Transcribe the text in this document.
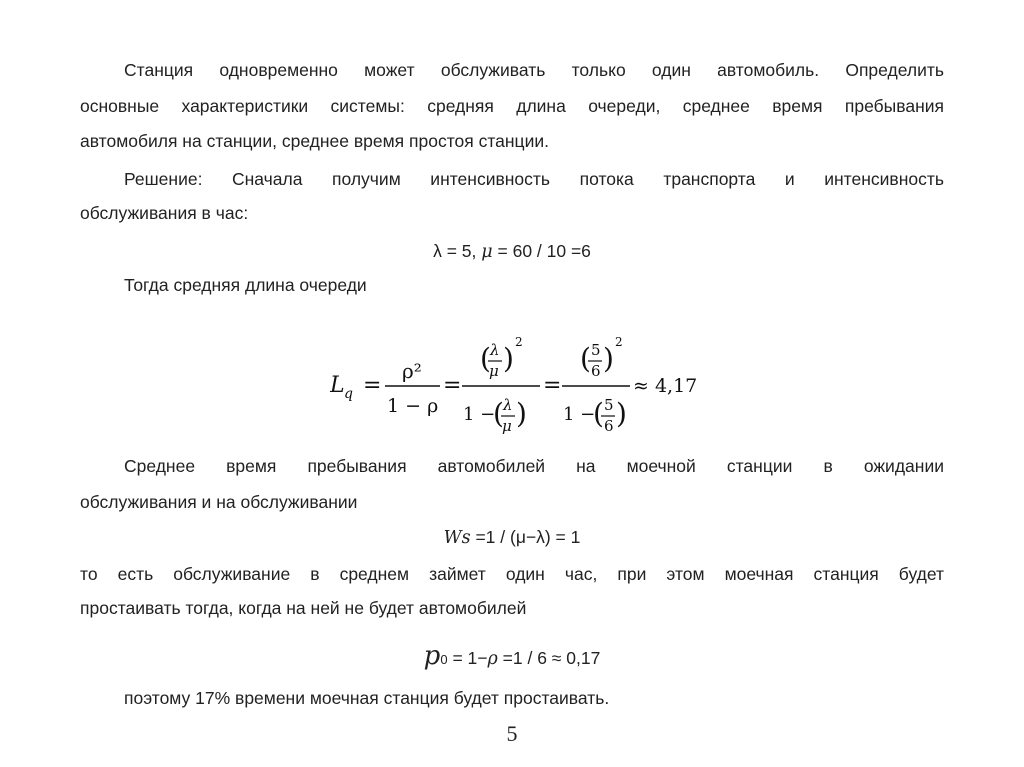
Станция одновременно может обслуживать только один автомобиль. Определить
основные характеристики системы: средняя длина очереди, среднее время пребывания
автомобиля на станции, среднее время простоя станции.
Решение: Сначала получим интенсивность потока транспорта и интенсивность
обслуживания в час:
λ = 5, μ = 60 / 10 =6
Тогда средняя длина очереди
L q =
ρ²
1 − ρ
=
( λ
μ ) 2
1 −
( λ
μ )
=
( 5
6 ) 2
1 −
( 5
6 )
≈ 4,17
Среднее время пребывания автомобилей на моечной станции в ожидании
обслуживания и на обслуживании
Ws =1 / (μ−λ) = 1
то есть обслуживание в среднем займет один час, при этом моечная станция будет
простаивать тогда, когда на ней не будет автомобилей
p0 = 1−ρ =1 / 6 ≈ 0,17
поэтому 17% времени моечная станция будет простаивать.
5
